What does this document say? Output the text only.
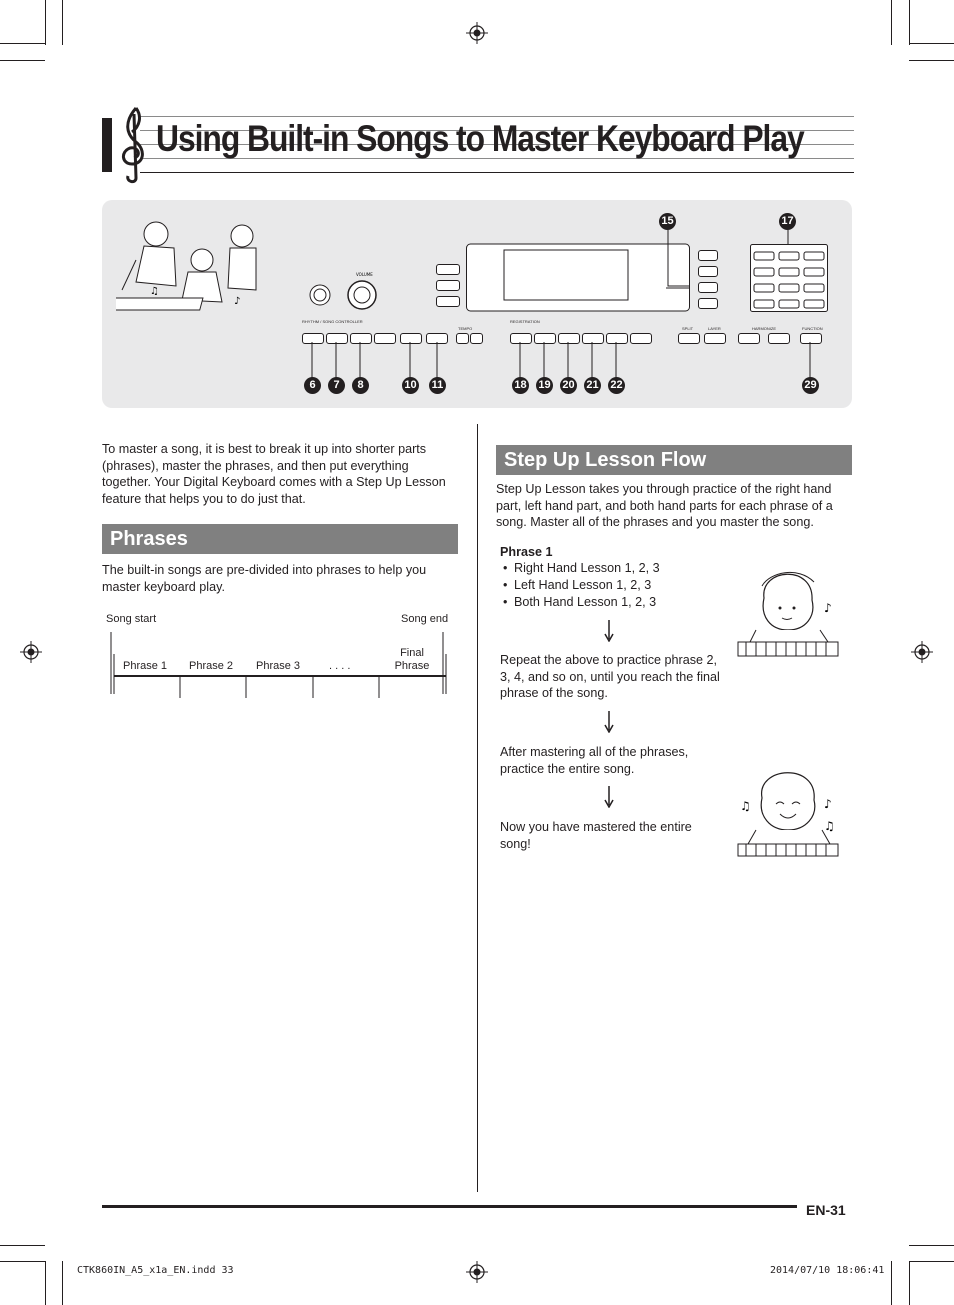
Using Built-in Songs to Master Keyboard Play
♫
♪
VOLUME
RHYTHM / SONG CONTROLLER	REGISTRATION
TEMPO	SPLIT	LAYER	HARMONIZE	FUNCTION
15	17
6	7	8	10 11	18 19 20 21 22	29
To master a song, it is best to break it up into shorter parts (phrases), master the phrases, and then put everything together. Your Digital Keyboard comes with a Step Up Lesson feature that helps you to do just that.
Phrases
The built-in songs are pre-divided into phrases to help you master keyboard play.
Song start	Song end
Phrase 1 Phrase 2 Phrase 3	. . . .
Final Phrase
Step Up Lesson Flow
Step Up Lesson takes you through practice of the right hand part, left hand part, and both hand parts for each phrase of a song. Master all of the phrases and you master the song.
Phrase 1
• Right Hand Lesson 1, 2, 3
• Left Hand Lesson 1, 2, 3
• Both Hand Lesson 1, 2, 3
Repeat the above to practice phrase 2, 3, 4, and so on, until you reach the final phrase of the song.
After mastering all of the phrases, practice the entire song.
Now you have mastered the entire song!
♪
♫	♪
♫
EN-31
CTK860IN_A5_x1a_EN.indd 33	2014/07/10 18:06:41
